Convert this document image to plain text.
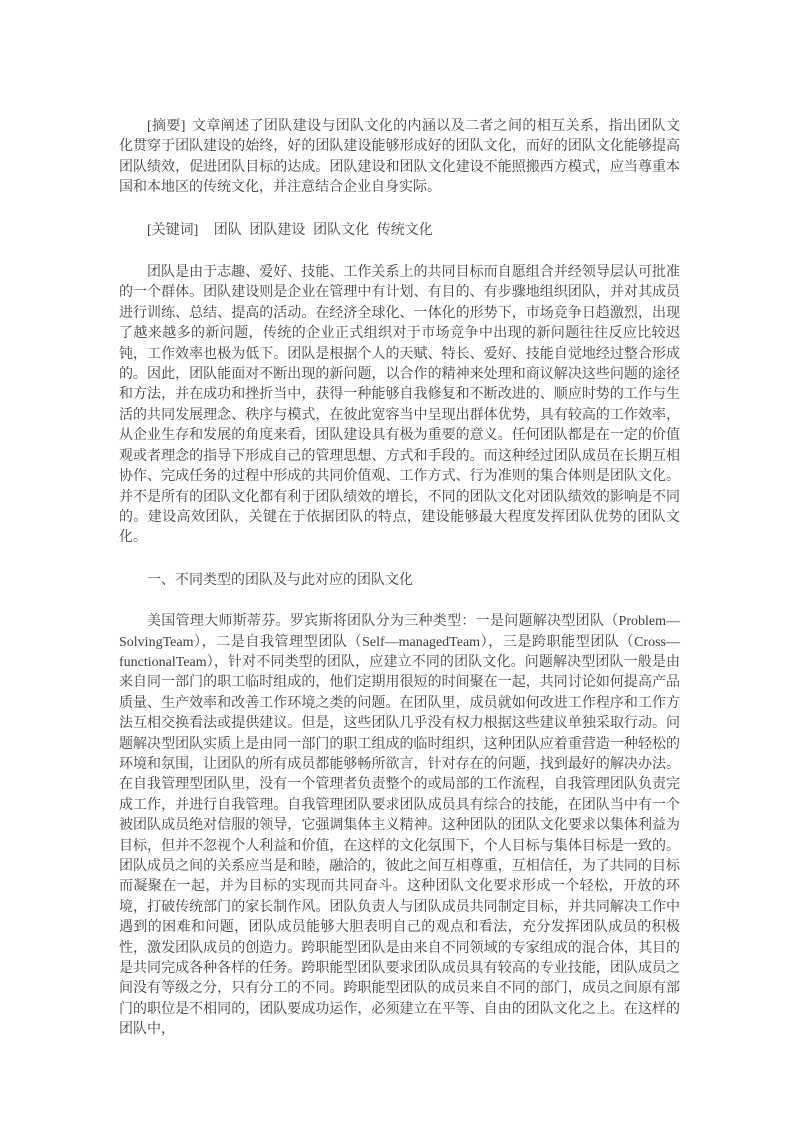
[摘要] 文章阐述了团队建设与团队文化的内涵以及二者之间的相互关系，指出团队文化贯穿于团队建设的始终，好的团队建设能够形成好的团队文化，而好的团队文化能够提高团队绩效，促进团队目标的达成。团队建设和团队文化建设不能照搬西方模式，应当尊重本国和本地区的传统文化，并注意结合企业自身实际。

[关键词] 团队 团队建设 团队文化 传统文化

团队是由于志趣、爱好、技能、工作关系上的共同目标而自愿组合并经领导层认可批准的一个群体。团队建设则是企业在管理中有计划、有目的、有步骤地组织团队，并对其成员进行训练、总结、提高的活动。在经济全球化、一体化的形势下，市场竞争日趋激烈，出现了越来越多的新问题，传统的企业正式组织对于市场竞争中出现的新问题往往反应比较迟钝，工作效率也极为低下。团队是根据个人的天赋、特长、爱好、技能自觉地经过整合形成的。因此，团队能面对不断出现的新问题，以合作的精神来处理和商议解决这些问题的途径和方法，并在成功和挫折当中，获得一种能够自我修复和不断改进的、顺应时势的工作与生活的共同发展理念、秩序与模式，在彼此宽容当中呈现出群体优势，具有较高的工作效率，从企业生存和发展的角度来看，团队建设具有极为重要的意义。任何团队都是在一定的价值观或者理念的指导下形成自己的管理思想、方式和手段的。而这种经过团队成员在长期互相协作、完成任务的过程中形成的共同价值观、工作方式、行为准则的集合体则是团队文化。并不是所有的团队文化都有利于团队绩效的增长，不同的团队文化对团队绩效的影响是不同的。建设高效团队，关键在于依据团队的特点，建设能够最大程度发挥团队优势的团队文化。

一、不同类型的团队及与此对应的团队文化

美国管理大师斯蒂芬。罗宾斯将团队分为三种类型：一是问题解决型团队（Problem—SolvingTeam），二是自我管理型团队（Self—managedTeam），三是跨职能型团队（Cross—functionalTeam），针对不同类型的团队，应建立不同的团队文化。问题解决型团队一般是由来自同一部门的职工临时组成的，他们定期用很短的时间聚在一起，共同讨论如何提高产品质量、生产效率和改善工作环境之类的问题。在团队里，成员就如何改进工作程序和工作方法互相交换看法或提供建议。但是，这些团队几乎没有权力根据这些建议单独采取行动。问题解决型团队实质上是由同一部门的职工组成的临时组织，这种团队应着重营造一种轻松的环境和氛围，让团队的所有成员都能够畅所欲言，针对存在的问题，找到最好的解决办法。在自我管理型团队里，没有一个管理者负责整个的或局部的工作流程，自我管理团队负责完成工作，并进行自我管理。自我管理团队要求团队成员具有综合的技能，在团队当中有一个被团队成员绝对信服的领导，它强调集体主义精神。这种团队的团队文化要求以集体利益为目标，但并不忽视个人利益和价值，在这样的文化氛围下，个人目标与集体目标是一致的。团队成员之间的关系应当是和睦，融洽的，彼此之间互相尊重，互相信任，为了共同的目标而凝聚在一起，并为目标的实现而共同奋斗。这种团队文化要求形成一个轻松，开放的环境，打破传统部门的家长制作风。团队负责人与团队成员共同制定目标，并共同解决工作中遇到的困难和问题，团队成员能够大胆表明自己的观点和看法，充分发挥团队成员的积极性，激发团队成员的创造力。跨职能型团队是由来自不同领域的专家组成的混合体，其目的是共同完成各种各样的任务。跨职能型团队要求团队成员具有较高的专业技能，团队成员之间没有等级之分，只有分工的不同。跨职能型团队的成员来自不同的部门，成员之间原有部门的职位是不相同的，团队要成功运作，必须建立在平等、自由的团队文化之上。在这样的团队中，
